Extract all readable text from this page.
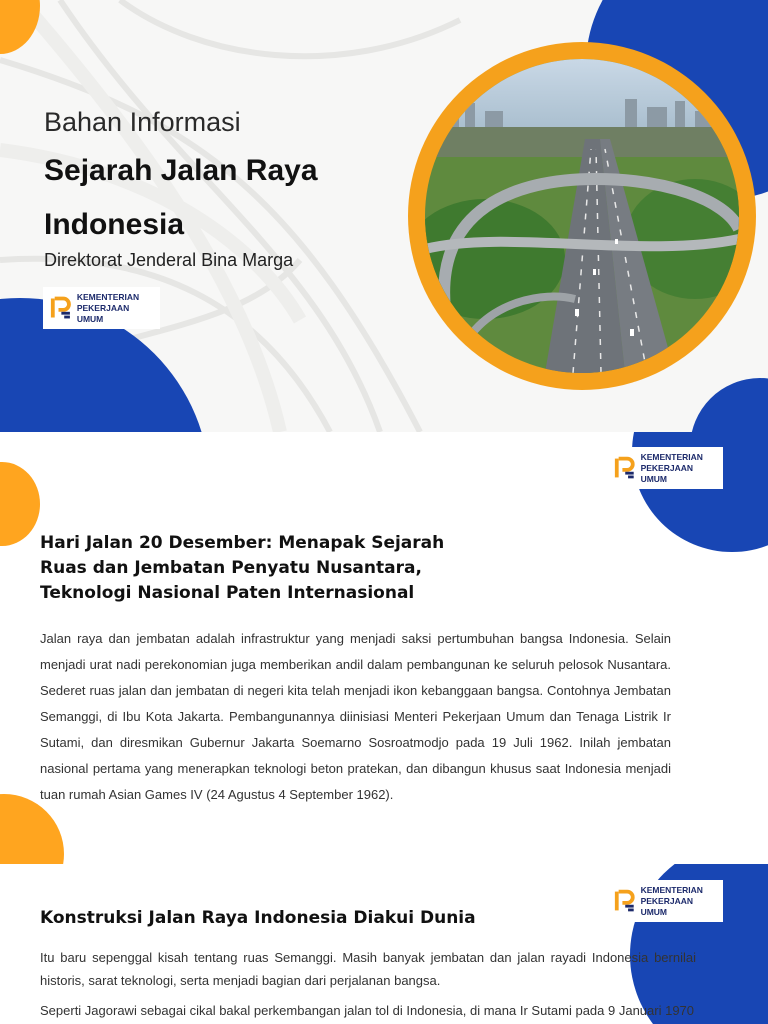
Bahan Informasi
Sejarah Jalan Raya Indonesia
Direktorat Jenderal Bina Marga
KEMENTERIAN
PEKERJAAN UMUM
KEMENTERIAN
PEKERJAAN UMUM
Hari Jalan 20 Desember: Menapak Sejarah Ruas dan Jembatan Penyatu Nusantara, Teknologi Nasional Paten Internasional

Jalan raya dan jembatan adalah infrastruktur yang menjadi saksi pertumbuhan bangsa Indonesia. Selain menjadi urat nadi perekonomian juga memberikan andil dalam pembangunan ke seluruh pelosok Nusantara. Sederet ruas jalan dan jembatan di negeri kita telah menjadi ikon kebanggaan bangsa. Contohnya Jembatan Semanggi, di Ibu Kota Jakarta. Pembangunannya diinisiasi Menteri Pekerjaan Umum dan Tenaga Listrik Ir Sutami, dan diresmikan Gubernur Jakarta Soemarno Sosroatmodjo pada 19 Juli 1962. Inilah jembatan nasional pertama yang menerapkan teknologi beton pratekan, dan dibangun khusus saat Indonesia menjadi tuan rumah Asian Games IV (24 Agustus 4 September 1962).

KEMENTERIAN
PEKERJAAN UMUM
Konstruksi Jalan Raya Indonesia Diakui Dunia

Itu baru sepenggal kisah tentang ruas Semanggi. Masih banyak jembatan dan jalan rayadi Indonesia bernilai historis, sarat teknologi, serta menjadi bagian dari perjalanan bangsa.

Seperti Jagorawi sebagai cikal bakal perkembangan jalan tol di Indonesia, di mana Ir Sutami pada 9 Januari 1970
